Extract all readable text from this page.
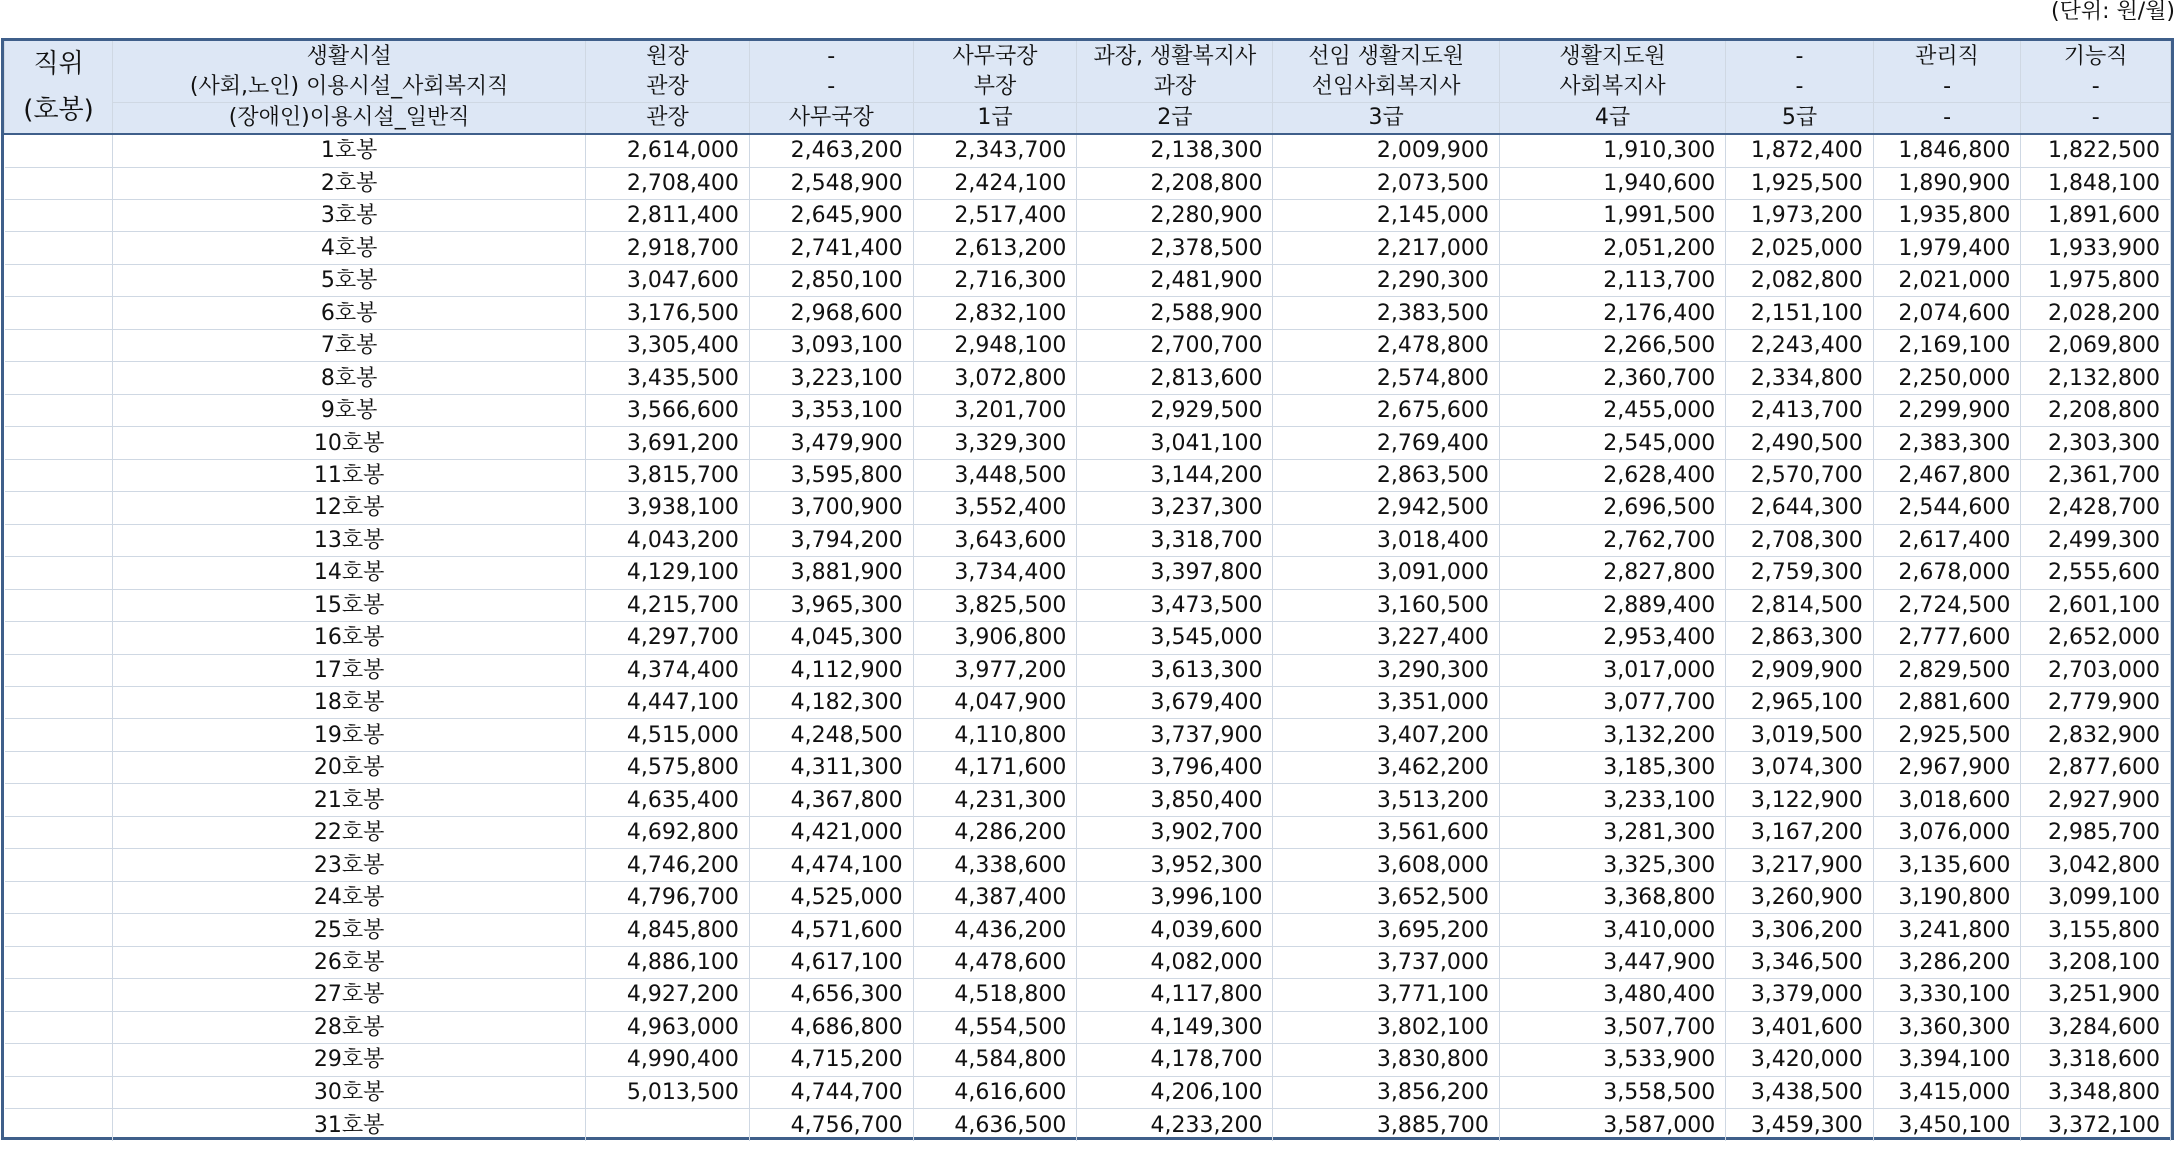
(단위: 원/월)
직위
(호봉)	생활시설	원장	-	사무국장	과장, 생활복지사	선임 생활지도원	생활지도원	-	관리직	기능직
	(사회,노인) 이용시설_사회복지직	관장	-	부장	과장	선임사회복지사	사회복지사	-	-	-
	(장애인)이용시설_일반직	관장	사무국장	1급	2급	3급	4급	5급	-	-
	1호봉	2,614,000	2,463,200	2,343,700	2,138,300	2,009,900	1,910,300	1,872,400	1,846,800	1,822,500
	2호봉	2,708,400	2,548,900	2,424,100	2,208,800	2,073,500	1,940,600	1,925,500	1,890,900	1,848,100
	3호봉	2,811,400	2,645,900	2,517,400	2,280,900	2,145,000	1,991,500	1,973,200	1,935,800	1,891,600
	4호봉	2,918,700	2,741,400	2,613,200	2,378,500	2,217,000	2,051,200	2,025,000	1,979,400	1,933,900
	5호봉	3,047,600	2,850,100	2,716,300	2,481,900	2,290,300	2,113,700	2,082,800	2,021,000	1,975,800
	6호봉	3,176,500	2,968,600	2,832,100	2,588,900	2,383,500	2,176,400	2,151,100	2,074,600	2,028,200
	7호봉	3,305,400	3,093,100	2,948,100	2,700,700	2,478,800	2,266,500	2,243,400	2,169,100	2,069,800
	8호봉	3,435,500	3,223,100	3,072,800	2,813,600	2,574,800	2,360,700	2,334,800	2,250,000	2,132,800
	9호봉	3,566,600	3,353,100	3,201,700	2,929,500	2,675,600	2,455,000	2,413,700	2,299,900	2,208,800
	10호봉	3,691,200	3,479,900	3,329,300	3,041,100	2,769,400	2,545,000	2,490,500	2,383,300	2,303,300
	11호봉	3,815,700	3,595,800	3,448,500	3,144,200	2,863,500	2,628,400	2,570,700	2,467,800	2,361,700
	12호봉	3,938,100	3,700,900	3,552,400	3,237,300	2,942,500	2,696,500	2,644,300	2,544,600	2,428,700
	13호봉	4,043,200	3,794,200	3,643,600	3,318,700	3,018,400	2,762,700	2,708,300	2,617,400	2,499,300
	14호봉	4,129,100	3,881,900	3,734,400	3,397,800	3,091,000	2,827,800	2,759,300	2,678,000	2,555,600
	15호봉	4,215,700	3,965,300	3,825,500	3,473,500	3,160,500	2,889,400	2,814,500	2,724,500	2,601,100
	16호봉	4,297,700	4,045,300	3,906,800	3,545,000	3,227,400	2,953,400	2,863,300	2,777,600	2,652,000
	17호봉	4,374,400	4,112,900	3,977,200	3,613,300	3,290,300	3,017,000	2,909,900	2,829,500	2,703,000
	18호봉	4,447,100	4,182,300	4,047,900	3,679,400	3,351,000	3,077,700	2,965,100	2,881,600	2,779,900
	19호봉	4,515,000	4,248,500	4,110,800	3,737,900	3,407,200	3,132,200	3,019,500	2,925,500	2,832,900
	20호봉	4,575,800	4,311,300	4,171,600	3,796,400	3,462,200	3,185,300	3,074,300	2,967,900	2,877,600
	21호봉	4,635,400	4,367,800	4,231,300	3,850,400	3,513,200	3,233,100	3,122,900	3,018,600	2,927,900
	22호봉	4,692,800	4,421,000	4,286,200	3,902,700	3,561,600	3,281,300	3,167,200	3,076,000	2,985,700
	23호봉	4,746,200	4,474,100	4,338,600	3,952,300	3,608,000	3,325,300	3,217,900	3,135,600	3,042,800
	24호봉	4,796,700	4,525,000	4,387,400	3,996,100	3,652,500	3,368,800	3,260,900	3,190,800	3,099,100
	25호봉	4,845,800	4,571,600	4,436,200	4,039,600	3,695,200	3,410,000	3,306,200	3,241,800	3,155,800
	26호봉	4,886,100	4,617,100	4,478,600	4,082,000	3,737,000	3,447,900	3,346,500	3,286,200	3,208,100
	27호봉	4,927,200	4,656,300	4,518,800	4,117,800	3,771,100	3,480,400	3,379,000	3,330,100	3,251,900
	28호봉	4,963,000	4,686,800	4,554,500	4,149,300	3,802,100	3,507,700	3,401,600	3,360,300	3,284,600
	29호봉	4,990,400	4,715,200	4,584,800	4,178,700	3,830,800	3,533,900	3,420,000	3,394,100	3,318,600
	30호봉	5,013,500	4,744,700	4,616,600	4,206,100	3,856,200	3,558,500	3,438,500	3,415,000	3,348,800
	31호봉		4,756,700	4,636,500	4,233,200	3,885,700	3,587,000	3,459,300	3,450,100	3,372,100
